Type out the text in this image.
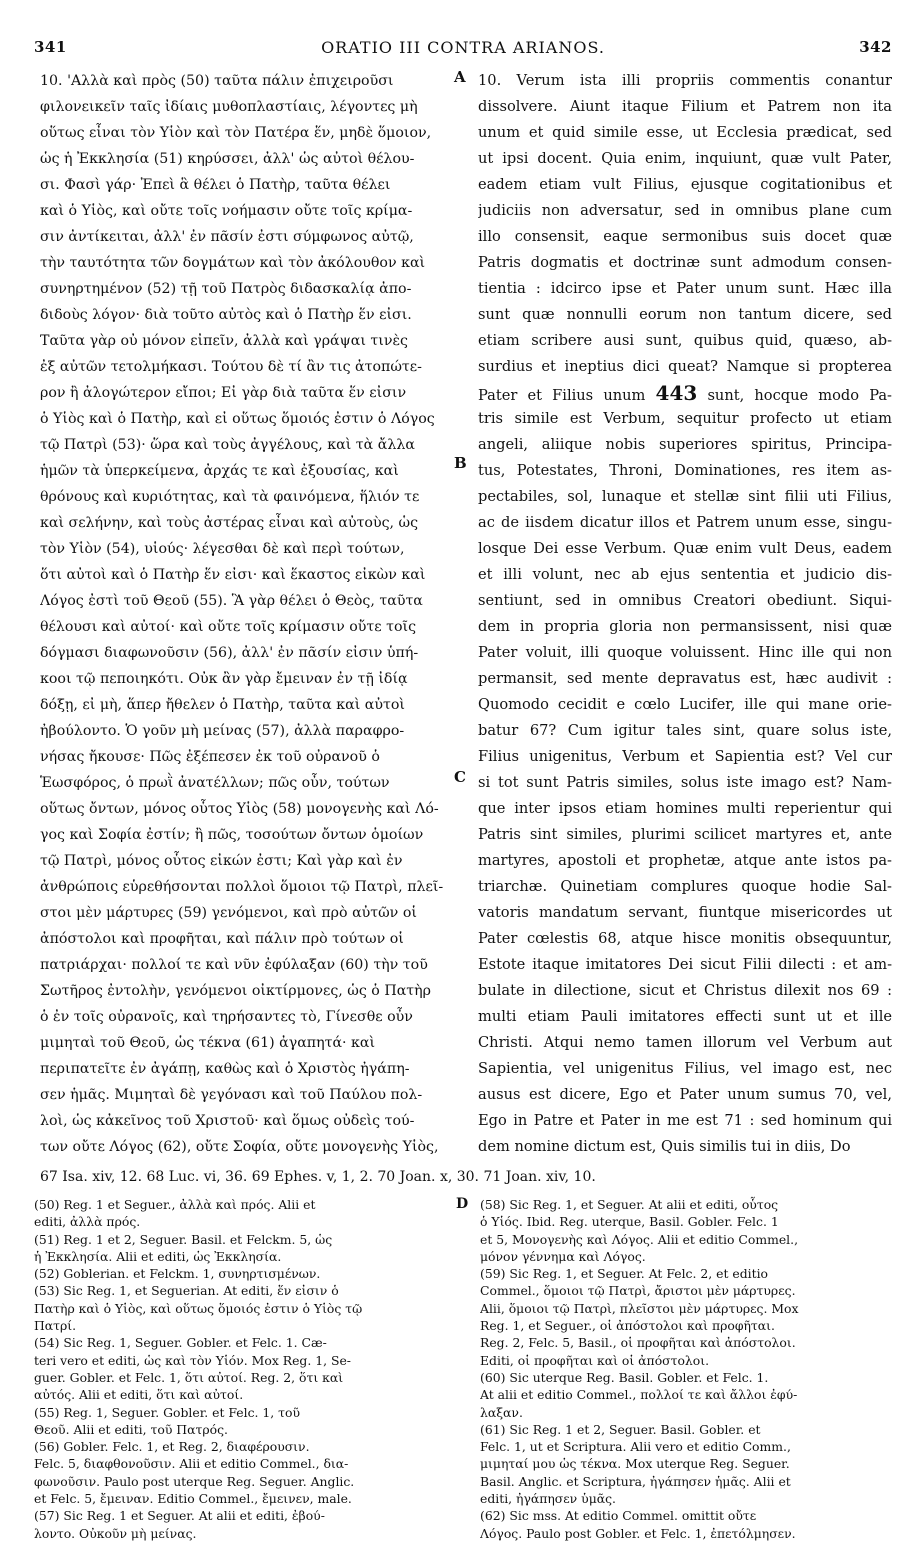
341	ORATIO III CONTRA ARIANOS.	342
10. 'Αλλὰ καὶ πρὸς (50) ταῦτα πάλιν ἐπιχειροῦσι
φιλονεικεῖν ταῖς ἰδίαις μυθοπλαστίαις, λέγοντες μὴ
οὕτως εἶναι τὸν Υἱὸν καὶ τὸν Πατέρα ἕν, μηδὲ ὅμοιον,
ὡς ἡ Ἐκκλησία (51) κηρύσσει, ἀλλ' ὡς αὐτοὶ θέλου-
σι. Φασὶ γάρ· Ἐπεὶ ἃ θέλει ὁ Πατὴρ, ταῦτα θέλει
καὶ ὁ Υἱὸς, καὶ οὔτε τοῖς νοήμασιν οὔτε τοῖς κρίμα-
σιν ἀντίκειται, ἀλλ' ἐν πᾶσίν ἐστι σύμφωνος αὐτῷ,
τὴν ταυτότητα τῶν δογμάτων καὶ τὸν ἀκόλουθον καὶ
συνηρτημένον (52) τῇ τοῦ Πατρὸς διδασκαλίᾳ ἀπο-
διδοὺς λόγον· διὰ τοῦτο αὐτὸς καὶ ὁ Πατὴρ ἕν εἰσι.
Ταῦτα γὰρ οὐ μόνον εἰπεῖν, ἀλλὰ καὶ γράψαι τινὲς
ἐξ αὐτῶν τετολμήκασι. Τούτου δὲ τί ἂν τις ἀτοπώτε-
ρον ἢ ἀλογώτερον εἴποι; Εἰ γὰρ διὰ ταῦτα ἕν εἰσιν
ὁ Υἱὸς καὶ ὁ Πατὴρ, καὶ εἰ οὕτως ὅμοιός ἐστιν ὁ Λόγος
τῷ Πατρὶ (53)· ὥρα καὶ τοὺς ἀγγέλους, καὶ τὰ ἄλλα
ἡμῶν τὰ ὑπερκείμενα, ἀρχάς τε καὶ ἐξουσίας, καὶ
θρόνους καὶ κυριότητας, καὶ τὰ φαινόμενα, ἥλιόν τε
καὶ σελήνην, καὶ τοὺς ἀστέρας εἶναι καὶ αὐτοὺς, ὡς
τὸν Υἱὸν (54), υἱούς· λέγεσθαι δὲ καὶ περὶ τούτων,
ὅτι αὐτοὶ καὶ ὁ Πατὴρ ἕν εἰσι· καὶ ἕκαστος εἰκὼν καὶ
Λόγος ἐστὶ τοῦ Θεοῦ (55). Ἃ γὰρ θέλει ὁ Θεὸς, ταῦτα
θέλουσι καὶ αὐτοί· καὶ οὔτε τοῖς κρίμασιν οὔτε τοῖς
δόγμασι διαφωνοῦσιν (56), ἀλλ' ἐν πᾶσίν εἰσιν ὑπή-
κοοι τῷ πεποιηκότι. Οὐκ ἂν γὰρ ἔμειναν ἐν τῇ ἰδίᾳ
δόξῃ, εἰ μὴ, ἅπερ ἤθελεν ὁ Πατὴρ, ταῦτα καὶ αὐτοὶ
ἠβούλοντο. Ὁ γοῦν μὴ μείνας (57), ἀλλὰ παραφρο-
νήσας ἤκουσε· Πῶς ἐξέπεσεν ἐκ τοῦ οὐρανοῦ ὁ
Ἑωσφόρος, ὁ πρωῒ ἀνατέλλων; πῶς οὖν, τούτων
οὕτως ὄντων, μόνος οὗτος Υἱὸς (58) μονογενὴς καὶ Λό-
γος καὶ Σοφία ἐστίν; ἢ πῶς, τοσούτων ὄντων ὁμοίων
τῷ Πατρὶ, μόνος οὗτος εἰκών ἐστι; Καὶ γὰρ καὶ ἐν
ἀνθρώποις εὑρεθήσονται πολλοὶ ὅμοιοι τῷ Πατρὶ, πλεῖ-
στοι μὲν μάρτυρες (59) γενόμενοι, καὶ πρὸ αὐτῶν οἱ
ἀπόστολοι καὶ προφῆται, καὶ πάλιν πρὸ τούτων οἱ
πατριάρχαι· πολλοί τε καὶ νῦν ἐφύλαξαν (60) τὴν τοῦ
Σωτῆρος ἐντολὴν, γενόμενοι οἰκτίρμονες, ὡς ὁ Πατὴρ
ὁ ἐν τοῖς οὐρανοῖς, καὶ τηρήσαντες τὸ, Γίνεσθε οὖν
μιμηταὶ τοῦ Θεοῦ, ὡς τέκνα (61) ἀγαπητά· καὶ
περιπατεῖτε ἐν ἀγάπῃ, καθὼς καὶ ὁ Χριστὸς ἠγάπη-
σεν ἡμᾶς. Μιμηταὶ δὲ γεγόνασι καὶ τοῦ Παύλου πολ-
λοὶ, ὡς κἀκεῖνος τοῦ Χριστοῦ· καὶ ὅμως οὐδεὶς τού-
των οὔτε Λόγος (62), οὔτε Σοφία, οὔτε μονογενὴς Υἱὸς,
10. Verum ista illi propriis commentis conantur
dissolvere. Aiunt itaque Filium et Patrem non ita
unum et quid simile esse, ut Ecclesia prædicat, sed
ut ipsi docent. Quia enim, inquiunt, quæ vult Pater,
eadem etiam vult Filius, ejusque cogitationibus et
judiciis non adversatur, sed in omnibus plane cum
illo consensit, eaque sermonibus suis docet quæ
Patris dogmatis et doctrinæ sunt admodum consen-
tientia : idcirco ipse et Pater unum sunt. Hæc illa
sunt quæ nonnulli eorum non tantum dicere, sed
etiam scribere ausi sunt, quibus quid, quæso, ab-
surdius et ineptius dici queat? Namque si propterea
Pater et Filius unum 443 sunt, hocque modo Pa-
tris simile est Verbum, sequitur profecto ut etiam
angeli, aliique nobis superiores spiritus, Principa-
tus, Potestates, Throni, Dominationes, res item as-
pectabiles, sol, lunaque et stellæ sint filii uti Filius,
ac de iisdem dicatur illos et Patrem unum esse, singu-
losque Dei esse Verbum. Quæ enim vult Deus, eadem
et illi volunt, nec ab ejus sententia et judicio dis-
sentiunt, sed in omnibus Creatori obediunt. Siqui-
dem in propria gloria non permansissent, nisi quæ
Pater voluit, illi quoque voluissent. Hinc ille qui non
permansit, sed mente depravatus est, hæc audivit :
Quomodo cecidit e cœlo Lucifer, ille qui mane orie-
batur 67? Cum igitur tales sint, quare solus iste,
Filius unigenitus, Verbum et Sapientia est? Vel cur
si tot sunt Patris similes, solus iste imago est? Nam-
que inter ipsos etiam homines multi reperientur qui
Patris sint similes, plurimi scilicet martyres et, ante
martyres, apostoli et prophetæ, atque ante istos pa-
triarchæ. Quinetiam complures quoque hodie Sal-
vatoris mandatum servant, fiuntque misericordes ut
Pater cœlestis 68, atque hisce monitis obsequuntur,
Estote itaque imitatores Dei sicut Filii dilecti : et am-
bulate in dilectione, sicut et Christus dilexit nos 69 :
multi etiam Pauli imitatores effecti sunt ut et ille
Christi. Atqui nemo tamen illorum vel Verbum aut
Sapientia, vel unigenitus Filius, vel imago est, nec
ausus est dicere, Ego et Pater unum sumus 70, vel,
Ego in Patre et Pater in me est 71 : sed hominum qui
dem nomine dictum est, Quis similis tui in diis, Do
A
B
C
D
67 Isa. xiv, 12. 68 Luc. vi, 36. 69 Ephes. v, 1, 2. 70 Joan. x, 30. 71 Joan. xiv, 10.
(50) Reg. 1 et Seguer., ἀλλὰ καὶ πρός. Alii et
editi, ἀλλὰ πρός.
(51) Reg. 1 et 2, Seguer. Basil. et Felckm. 5, ὡς
ἡ Ἐκκλησία. Alii et editi, ὡς Ἐκκλησία.
(52) Goblerian. et Felckm. 1, συνηρτισμένων.
(53) Sic Reg. 1, et Seguerian. At editi, ἕν εἰσιν ὁ
Πατὴρ καὶ ὁ Υἱὸς, καὶ οὕτως ὅμοιός ἐστιν ὁ Υἱὸς τῷ
Πατρί.
(54) Sic Reg. 1, Seguer. Gobler. et Felc. 1. Cæ-
teri vero et editi, ὡς καὶ τὸν Υἱόν. Mox Reg. 1, Se-
guer. Gobler. et Felc. 1, ὅτι αὐτοί. Reg. 2, ὅτι καὶ
αὐτός. Alii et editi, ὅτι καὶ αὐτοί.
(55) Reg. 1, Seguer. Gobler. et Felc. 1, τοῦ
Θεοῦ. Alii et editi, τοῦ Πατρός.
(56) Gobler. Felc. 1, et Reg. 2, διαφέρουσιν.
Felc. 5, διαφθονοῦσιν. Alii et editio Commel., δια-
φωνοῦσιν. Paulo post uterque Reg. Seguer. Anglic.
et Felc. 5, ἔμειναν. Editio Commel., ἔμεινεν, male.
(57) Sic Reg. 1 et Seguer. At alii et editi, ἐβού-
λοντο. Οὐκοῦν μὴ μείνας.
(58) Sic Reg. 1, et Seguer. At alii et editi, οὗτος
ὁ Υἱός. Ibid. Reg. uterque, Basil. Gobler. Felc. 1
et 5, Μονογενὴς καὶ Λόγος. Alii et editio Commel.,
μόνον γέννημα καὶ Λόγος.
(59) Sic Reg. 1, et Seguer. At Felc. 2, et editio
Commel., ὅμοιοι τῷ Πατρὶ, ἄριστοι μὲν μάρτυρες.
Alii, ὅμοιοι τῷ Πατρὶ, πλεῖστοι μὲν μάρτυρες. Mox
Reg. 1, et Seguer., οἱ ἀπόστολοι καὶ προφῆται.
Reg. 2, Felc. 5, Basil., οἱ προφῆται καὶ ἀπόστολοι.
Editi, οἱ προφῆται καὶ οἱ ἀπόστολοι.
(60) Sic uterque Reg. Basil. Gobler. et Felc. 1.
At alii et editio Commel., πολλοί τε καὶ ἄλλοι ἐφύ-
λαξαν.
(61) Sic Reg. 1 et 2, Seguer. Basil. Gobler. et
Felc. 1, ut et Scriptura. Alii vero et editio Comm.,
μιμηταί μου ὡς τέκνα. Mox uterque Reg. Seguer.
Basil. Anglic. et Scriptura, ἠγάπησεν ἡμᾶς. Alii et
editi, ἠγάπησεν ὑμᾶς.
(62) Sic mss. At editio Commel. omittit οὔτε
Λόγος. Paulo post Gobler. et Felc. 1, ἐπετόλμησεν.
